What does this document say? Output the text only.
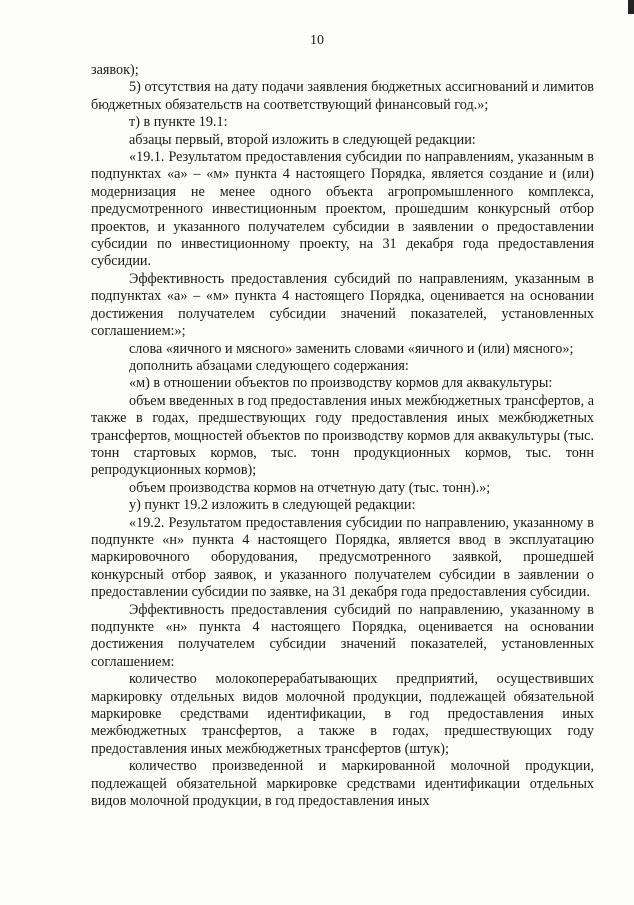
10

заявок);

5) отсутствия на дату подачи заявления бюджетных ассигнований и лимитов бюджетных обязательств на соответствующий финансовый год.»;

т) в пункте 19.1:

абзацы первый, второй изложить в следующей редакции:

«19.1. Результатом предоставления субсидии по направлениям, указанным в подпунктах «а» – «м» пункта 4 настоящего Порядка, является создание и (или) модернизация не менее одного объекта агропромышленного комплекса, предусмотренного инвестиционным проектом, прошедшим конкурсный отбор проектов, и указанного получателем субсидии в заявлении о предоставлении субсидии по инвестиционному проекту, на 31 декабря года предоставления субсидии.

Эффективность предоставления субсидий по направлениям, указанным в подпунктах «а» – «м» пункта 4 настоящего Порядка, оценивается на основании достижения получателем субсидии значений показателей, установленных соглашением:»;

слова «яичного и мясного» заменить словами «яичного и (или) мясного»;

дополнить абзацами следующего содержания:

«м) в отношении объектов по производству кормов для аквакультуры:

объем введенных в год предоставления иных межбюджетных трансфертов, а также в годах, предшествующих году предоставления иных межбюджетных трансфертов, мощностей объектов по производству кормов для аквакультуры (тыс. тонн стартовых кормов, тыс. тонн продукционных кормов, тыс. тонн репродукционных кормов);

объем производства кормов на отчетную дату (тыс. тонн).»;

у) пункт 19.2 изложить в следующей редакции:

«19.2. Результатом предоставления субсидии по направлению, указанному в подпункте «н» пункта 4 настоящего Порядка, является ввод в эксплуатацию маркировочного оборудования, предусмотренного заявкой, прошедшей конкурсный отбор заявок, и указанного получателем субсидии в заявлении о предоставлении субсидии по заявке, на 31 декабря года предоставления субсидии.

Эффективность предоставления субсидий по направлению, указанному в подпункте «н» пункта 4 настоящего Порядка, оценивается на основании достижения получателем субсидии значений показателей, установленных соглашением:

количество молокоперерабатывающих предприятий, осуществивших маркировку отдельных видов молочной продукции, подлежащей обязательной маркировке средствами идентификации, в год предоставления иных межбюджетных трансфертов, а также в годах, предшествующих году предоставления иных межбюджетных трансфертов (штук);

количество произведенной и маркированной молочной продукции, подлежащей обязательной маркировке средствами идентификации отдельных видов молочной продукции, в год предоставления иных
